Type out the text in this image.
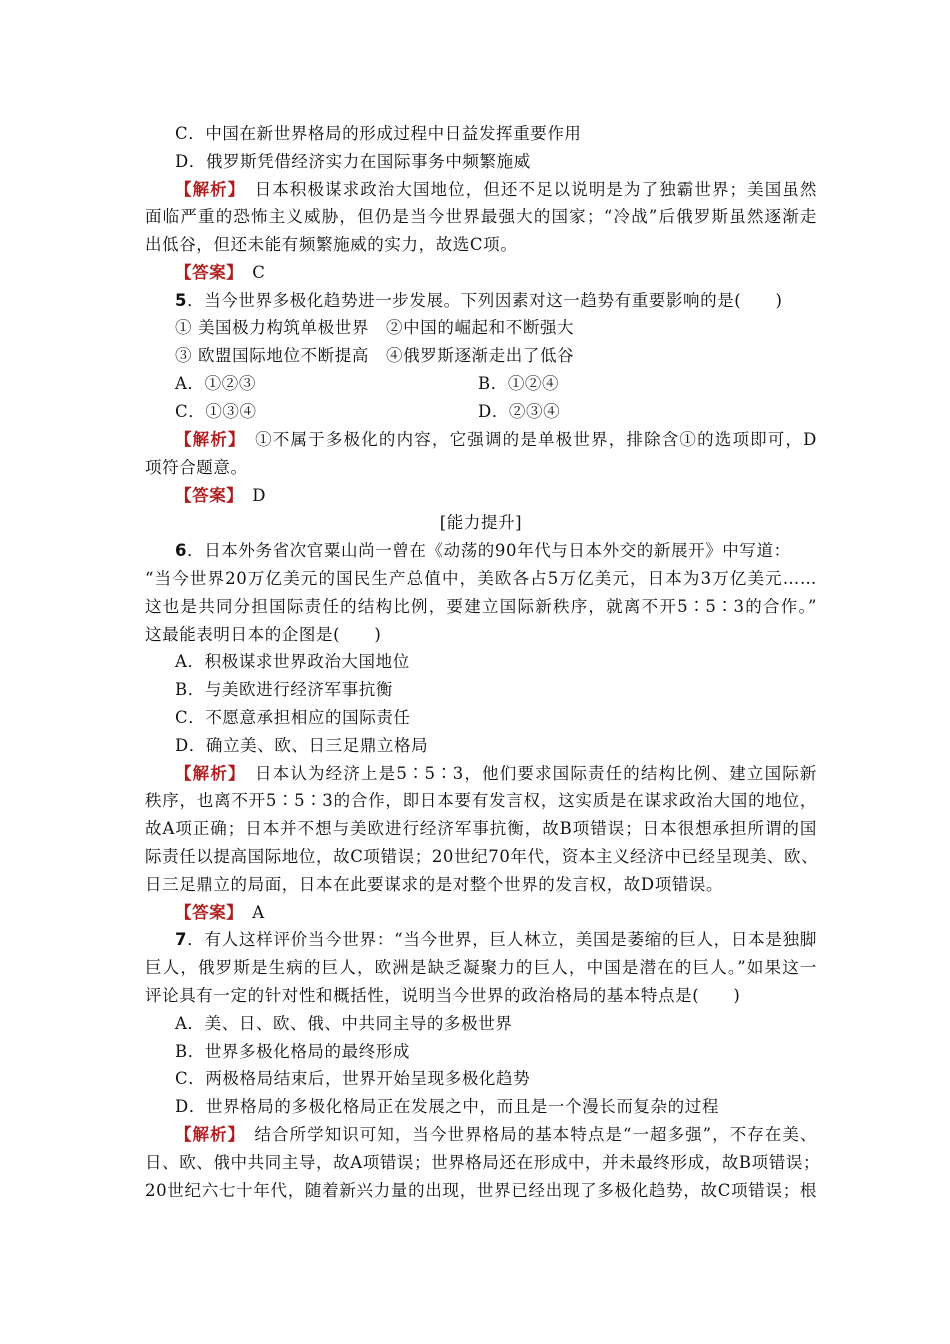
C．中国在新世界格局的形成过程中日益发挥重要作用
D．俄罗斯凭借经济实力在国际事务中频繁施威
【解析】　日本积极谋求政治大国地位，但还不足以说明是为了独霸世界；美国虽然
面临严重的恐怖主义威胁，但仍是当今世界最强大的国家；“冷战”后俄罗斯虽然逐渐走
出低谷，但还未能有频繁施威的实力，故选C项。
【答案】　C
5．当今世界多极化趋势进一步发展。下列因素对这一趋势有重要影响的是(　　)
① 美国极力构筑单极世界　②中国的崛起和不断强大
③ 欧盟国际地位不断提高　④俄罗斯逐渐走出了低谷
A．①②③	B．①②④
C．①③④	D．②③④
【解析】　①不属于多极化的内容，它强调的是单极世界，排除含①的选项即可，D
项符合题意。
【答案】　D
[能力提升]
6．日本外务省次官粟山尚一曾在《动荡的90年代与日本外交的新展开》中写道：
“当今世界20万亿美元的国民生产总值中，美欧各占5万亿美元，日本为3万亿美元……
这也是共同分担国际责任的结构比例，要建立国际新秩序，就离不开5∶5∶3的合作。”
这最能表明日本的企图是(　　)
A．积极谋求世界政治大国地位
B．与美欧进行经济军事抗衡
C．不愿意承担相应的国际责任
D．确立美、欧、日三足鼎立格局
【解析】　日本认为经济上是5∶5∶3，他们要求国际责任的结构比例、建立国际新
秩序，也离不开5∶5∶3的合作，即日本要有发言权，这实质是在谋求政治大国的地位，
故A项正确；日本并不想与美欧进行经济军事抗衡，故B项错误；日本很想承担所谓的国
际责任以提高国际地位，故C项错误；20世纪70年代，资本主义经济中已经呈现美、欧、
日三足鼎立的局面，日本在此要谋求的是对整个世界的发言权，故D项错误。
【答案】　A
7．有人这样评价当今世界：“当今世界，巨人林立，美国是萎缩的巨人，日本是独脚
巨人，俄罗斯是生病的巨人，欧洲是缺乏凝聚力的巨人，中国是潜在的巨人。”如果这一
评论具有一定的针对性和概括性，说明当今世界的政治格局的基本特点是(　　)
A．美、日、欧、俄、中共同主导的多极世界
B．世界多极化格局的最终形成
C．两极格局结束后，世界开始呈现多极化趋势
D．世界格局的多极化格局正在发展之中，而且是一个漫长而复杂的过程
【解析】　结合所学知识可知，当今世界格局的基本特点是“一超多强”，不存在美、
日、欧、俄中共同主导，故A项错误；世界格局还在形成中，并未最终形成，故B项错误；
20世纪六七十年代，随着新兴力量的出现，世界已经出现了多极化趋势，故C项错误；根
